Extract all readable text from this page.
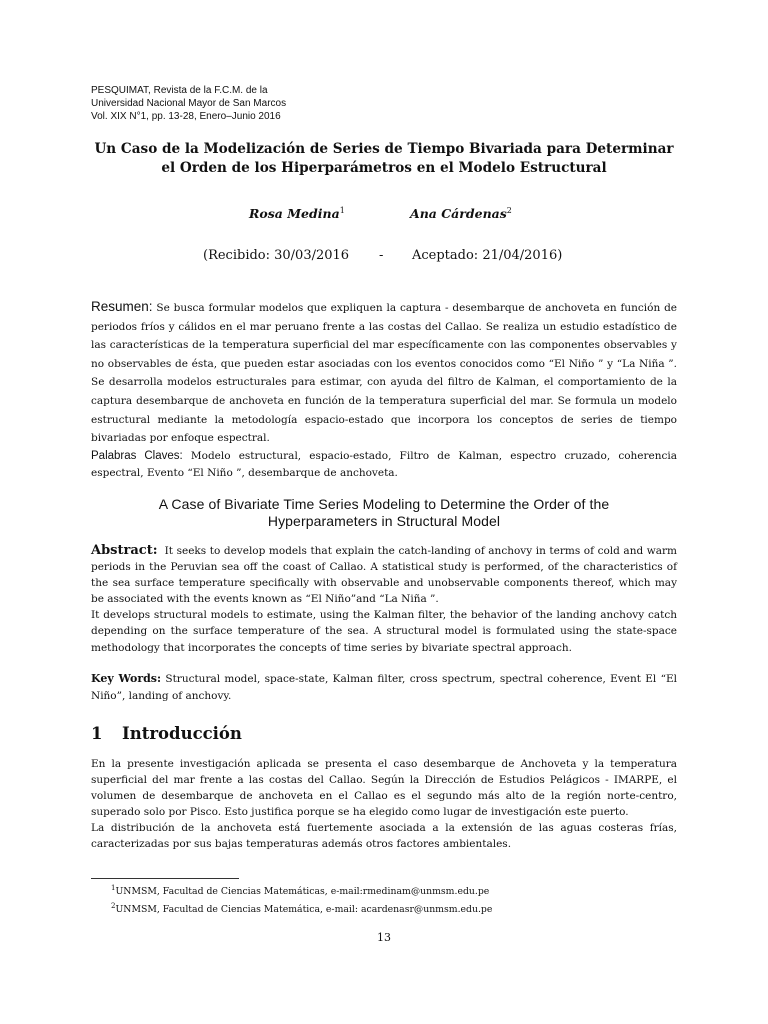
PESQUIMAT, Revista de la F.C.M. de la
Universidad Nacional Mayor de San Marcos
Vol. XIX N°1, pp. 13-28, Enero–Junio 2016
Un Caso de la Modelización de Series de Tiempo Bivariada para Determinar
el Orden de los Hiperparámetros en el Modelo Estructural
Rosa Medina$^1$	Ana Cárdenas$^2$
(Recibido: 30/03/2016 - Aceptado: 21/04/2016)
Resumen: Se busca formular modelos que expliquen la captura - desembarque de anchoveta en función de periodos fríos y cálidos en el mar peruano frente a las costas del Callao. Se realiza un estudio estadístico de las características de la temperatura superficial del mar específicamente con las componentes observables y no observables de ésta, que pueden estar asociadas con los eventos conocidos como “El Niño ” y “La Niña ”. Se desarrolla modelos estructurales para estimar, con ayuda del filtro de Kalman, el comportamiento de la captura desembarque de anchoveta en función de la temperatura superficial del mar. Se formula un modelo estructural mediante la metodología espacio-estado que incorpora los conceptos de series de tiempo bivariadas por enfoque espectral.
Palabras Claves: Modelo estructural, espacio-estado, Filtro de Kalman, espectro cruzado, coherencia espectral, Evento “El Niño ”, desembarque de anchoveta.
A Case of Bivariate Time Series Modeling to Determine the Order of the
Hyperparameters in Structural Model

Abstract: It seeks to develop models that explain the catch-landing of anchovy in terms of cold and warm periods in the Peruvian sea off the coast of Callao. A statistical study is performed, of the characteristics of the sea surface temperature specifically with observable and unobservable components thereof, which may be associated with the events known as “El Niño”and “La Niña ”.

It develops structural models to estimate, using the Kalman filter, the behavior of the landing anchovy catch depending on the surface temperature of the sea. A structural model is formulated using the state-space methodology that incorporates the concepts of time series by bivariate spectral approach.

Key Words: Structural model, space-state, Kalman filter, cross spectrum, spectral coherence, Event El “El Niño”, landing of anchovy.
1 Introducción

En la presente investigación aplicada se presenta el caso desembarque de Anchoveta y la temperatura superficial del mar frente a las costas del Callao. Según la Dirección de Estudios Pelágicos - IMARPE, el volumen de desembarque de anchoveta en el Callao es el segundo más alto de la región norte-centro, superado solo por Pisco. Esto justifica porque se ha elegido como lugar de investigación este puerto.

La distribución de la anchoveta está fuertemente asociada a la extensión de las aguas costeras frías, caracterizadas por sus bajas temperaturas además otros factores ambientales.

$^1$UNMSM, Facultad de Ciencias Matemáticas, e-mail:rmedinam@unmsm.edu.pe
$^2$UNMSM, Facultad de Ciencias Matemática, e-mail: acardenasr@unmsm.edu.pe
13
